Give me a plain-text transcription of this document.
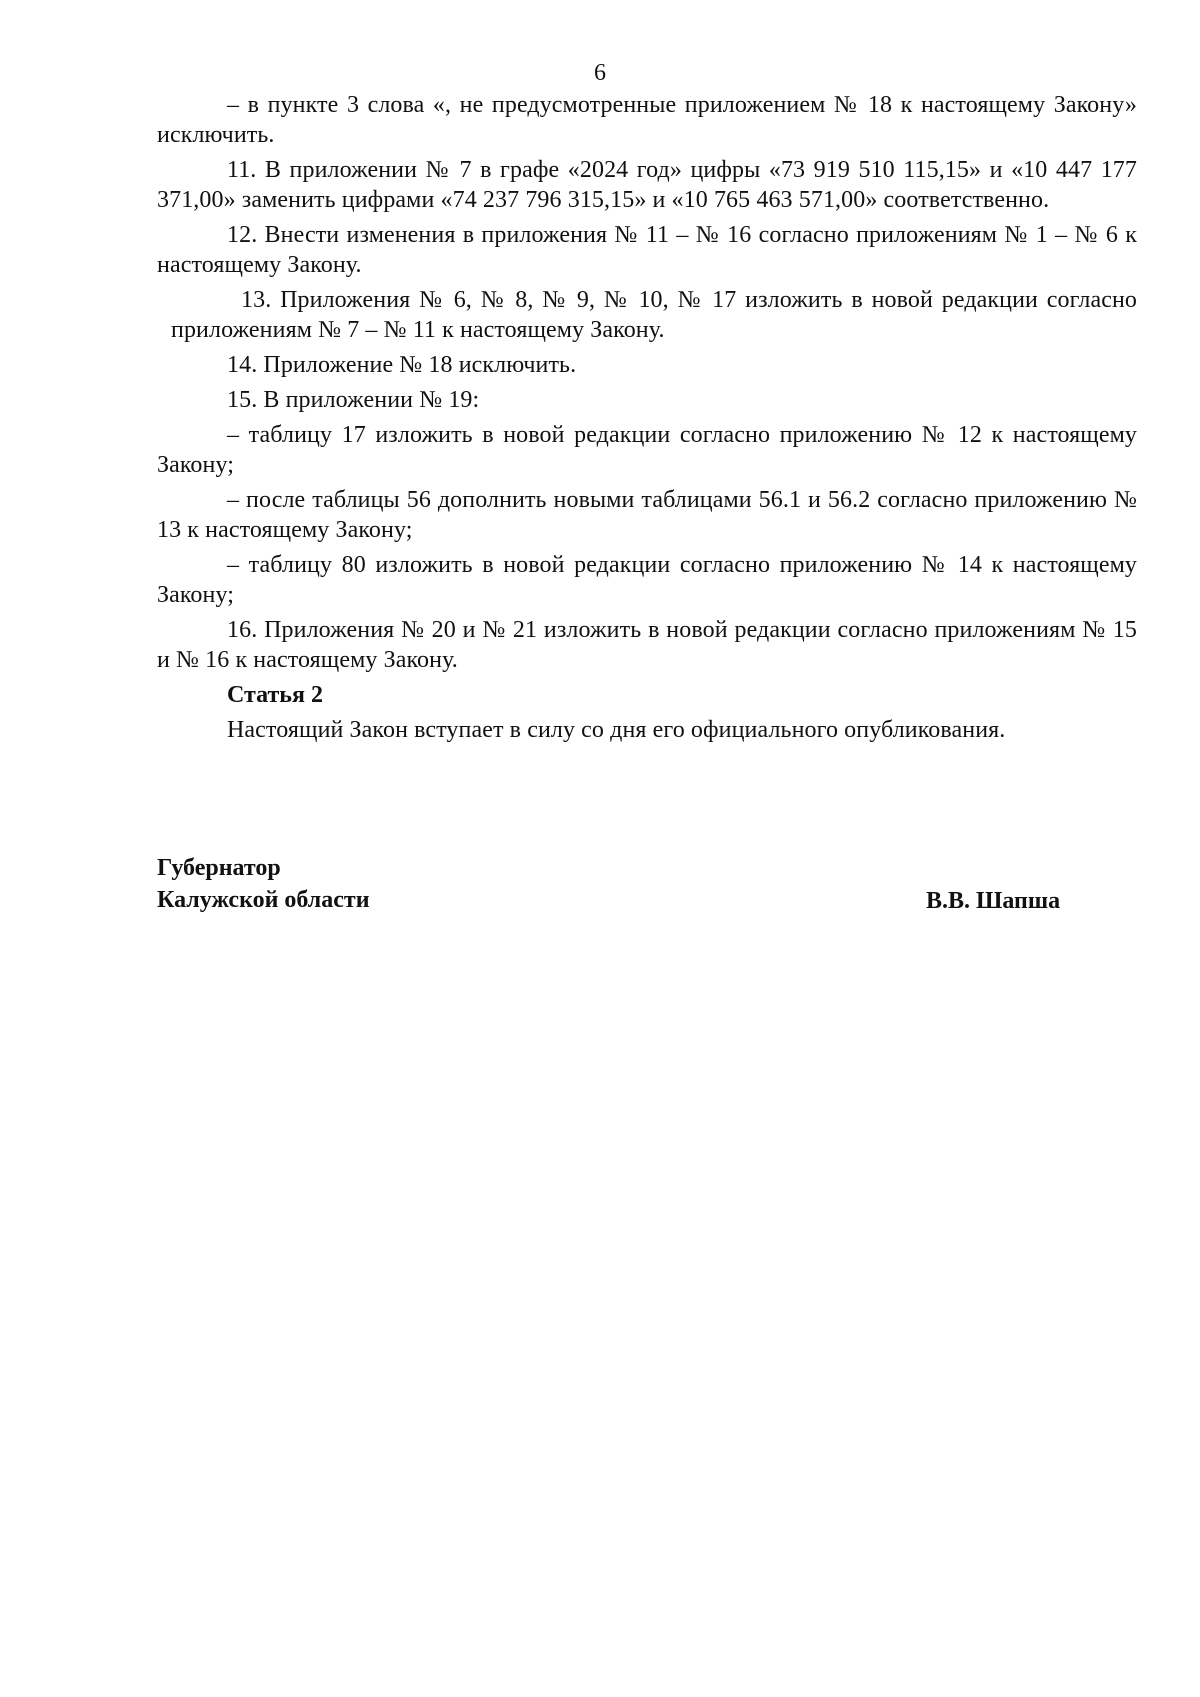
6

– в пункте 3 слова «, не предусмотренные приложением № 18 к настоящему Закону» исключить.

11. В приложении № 7 в графе «2024 год» цифры «73 919 510 115,15» и «10 447 177 371,00» заменить цифрами «74 237 796 315,15» и «10 765 463 571,00» соответственно.

12. Внести изменения в приложения № 11 – № 16 согласно приложениям № 1 – № 6 к настоящему Закону.

13. Приложения № 6, № 8, № 9, № 10, № 17 изложить в новой редакции согласно приложениям № 7 – № 11 к настоящему Закону.

14. Приложение № 18 исключить.

15. В приложении № 19:

– таблицу 17 изложить в новой редакции согласно приложению № 12 к настоящему Закону;

– после таблицы 56 дополнить новыми таблицами 56.1 и 56.2 согласно приложению № 13 к настоящему Закону;

– таблицу 80 изложить в новой редакции согласно приложению № 14 к настоящему Закону;

16. Приложения № 20 и № 21 изложить в новой редакции согласно приложениям № 15 и № 16 к настоящему Закону.

Статья 2

Настоящий Закон вступает в силу со дня его официального опубликования.

Губернатор
Калужской области	В.В. Шапша
